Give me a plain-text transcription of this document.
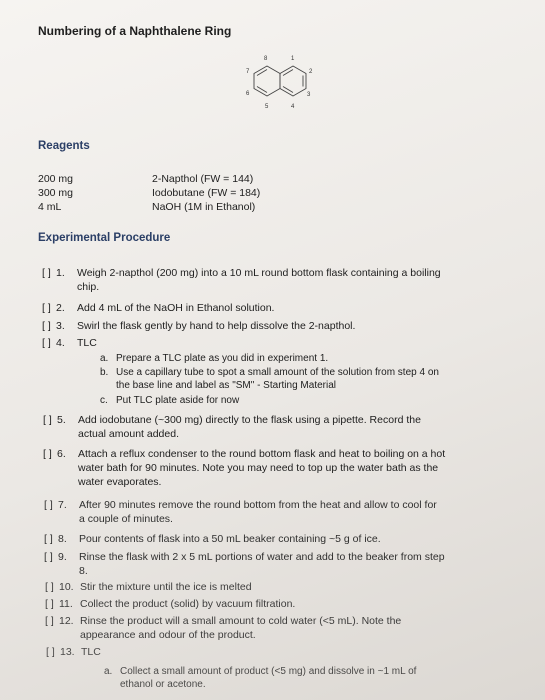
Numbering of a Naphthalene Ring
8	1
2
3
4
5
6
7
Reagents
200 mg	2-Napthol (FW = 144)
300 mg	Iodobutane (FW = 184)
4 mL	NaOH (1M in Ethanol)
Experimental Procedure
[ ] 1. Weigh 2-napthol (200 mg) into a 10 mL round bottom flask containing a boiling
chip.
[ ] 2. Add 4 mL of the NaOH in Ethanol solution.
[ ] 3. Swirl the flask gently by hand to help dissolve the 2-napthol.
[ ] 4. TLC
a. Prepare a TLC plate as you did in experiment 1.
b. Use a capillary tube to spot a small amount of the solution from step 4 on
the base line and label as "SM" - Starting Material
c. Put TLC plate aside for now
[ ] 5. Add iodobutane (~300 mg) directly to the flask using a pipette. Record the
actual amount added.
[ ] 6. Attach a reflux condenser to the round bottom flask and heat to boiling on a hot
water bath for 90 minutes. Note you may need to top up the water bath as the
water evaporates.
[ ] 7. After 90 minutes remove the round bottom from the heat and allow to cool for
a couple of minutes.
[ ] 8. Pour contents of flask into a 50 mL beaker containing ~5 g of ice.
[ ] 9. Rinse the flask with 2 x 5 mL portions of water and add to the beaker from step
8.
[ ] 10. Stir the mixture until the ice is melted
[ ] 11. Collect the product (solid) by vacuum filtration.
[ ] 12. Rinse the product will a small amount to cold water (<5 mL). Note the
appearance and odour of the product.
[ ] 13. TLC
a. Collect a small amount of product (<5 mg) and dissolve in ~1 mL of
ethanol or acetone.
